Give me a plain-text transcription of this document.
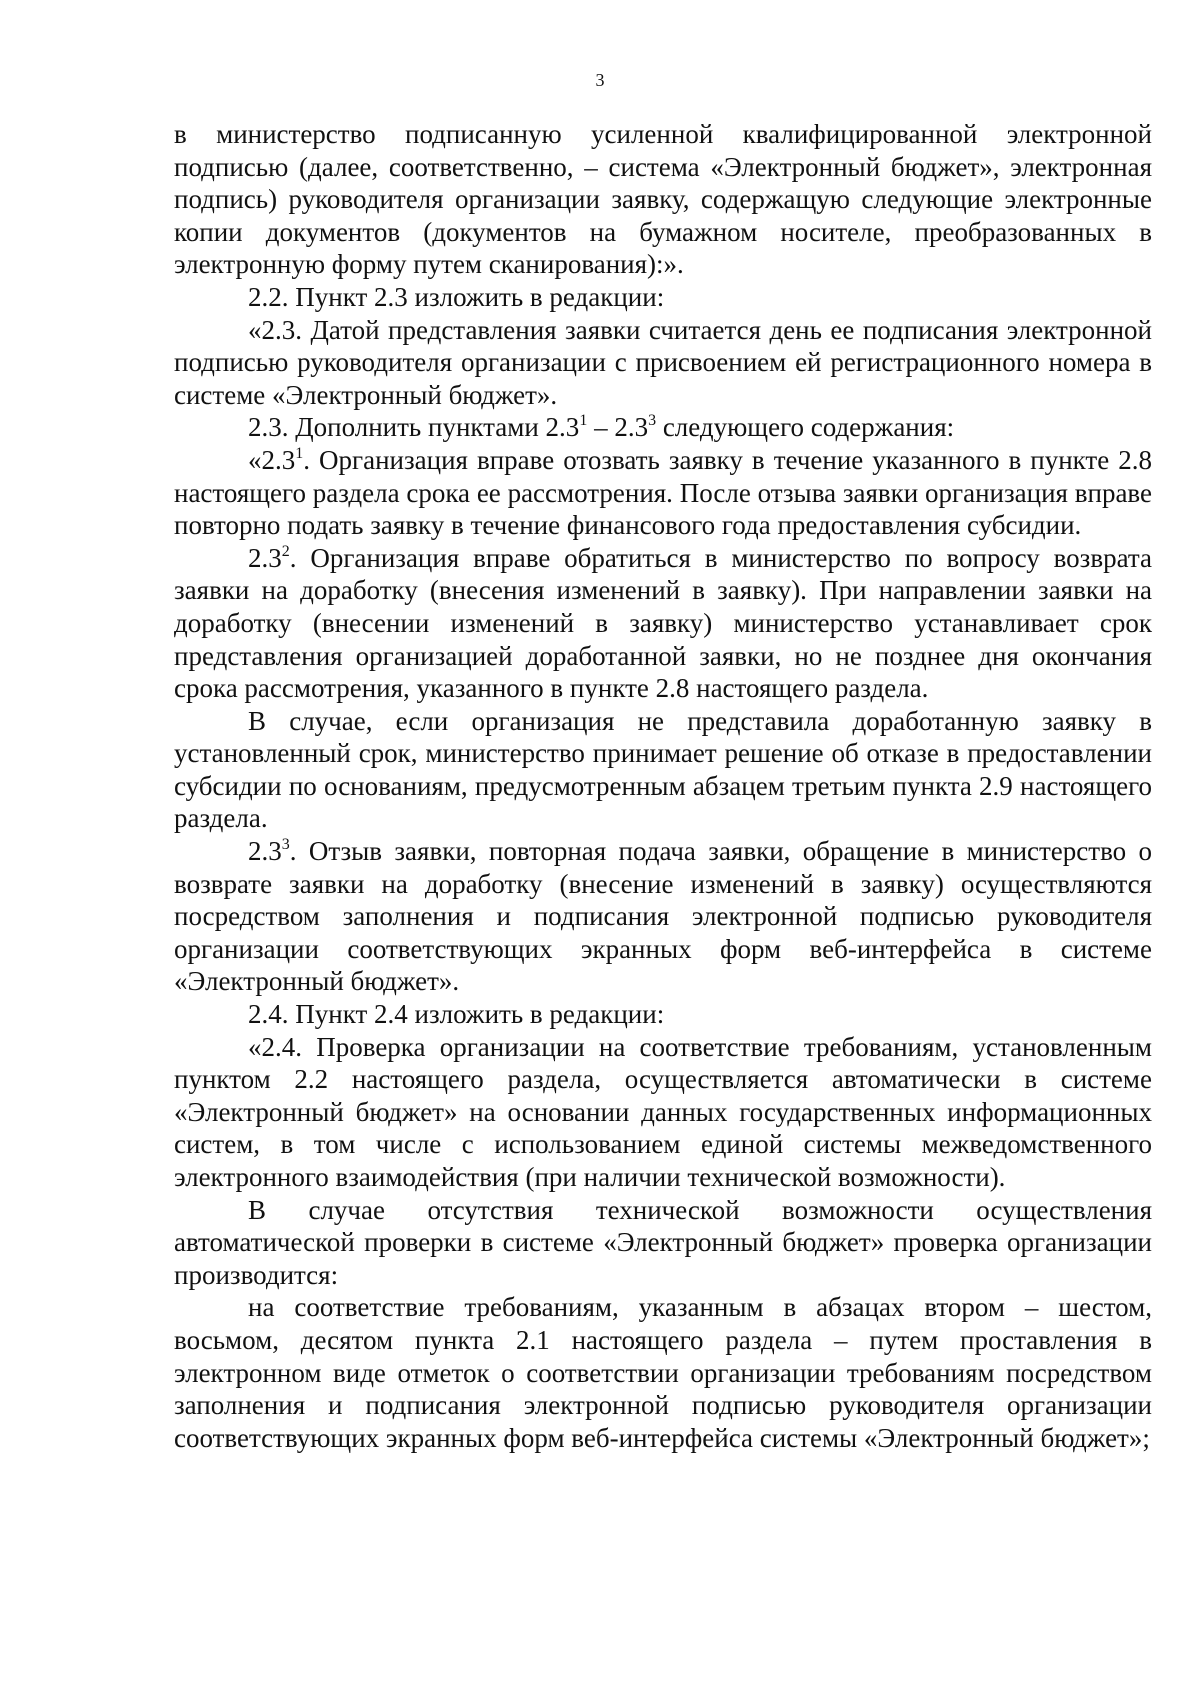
3

в министерство подписанную усиленной квалифицированной электронной подписью (далее, соответственно, – система «Электронный бюджет», электронная подпись) руководителя организации заявку, содержащую следующие электронные копии документов (документов на бумажном носителе, преобразованных в электронную форму путем сканирования):».

2.2. Пункт 2.3 изложить в редакции:

«2.3. Датой представления заявки считается день ее подписания электронной подписью руководителя организации с присвоением ей регистрационного номера в системе «Электронный бюджет».

2.3. Дополнить пунктами $2.3^1 - 2.3^3$ следующего содержания:

«$2.3^1$. Организация вправе отозвать заявку в течение указанного в пункте 2.8 настоящего раздела срока ее рассмотрения. После отзыва заявки организация вправе повторно подать заявку в течение финансового года предоставления субсидии.

$2.3^2$. Организация вправе обратиться в министерство по вопросу возврата заявки на доработку (внесения изменений в заявку). При направлении заявки на доработку (внесении изменений в заявку) министерство устанавливает срок представления организацией доработанной заявки, но не позднее дня окончания срока рассмотрения, указанного в пункте 2.8 настоящего раздела.

В случае, если организация не представила доработанную заявку в установленный срок, министерство принимает решение об отказе в предоставлении субсидии по основаниям, предусмотренным абзацем третьим пункта 2.9 настоящего раздела.

$2.3^3$. Отзыв заявки, повторная подача заявки, обращение в министерство о возврате заявки на доработку (внесение изменений в заявку) осуществляются посредством заполнения и подписания электронной подписью руководителя организации соответствующих экранных форм веб-интерфейса в системе «Электронный бюджет».

2.4. Пункт 2.4 изложить в редакции:

«2.4. Проверка организации на соответствие требованиям, установленным пунктом 2.2 настоящего раздела, осуществляется автоматически в системе «Электронный бюджет» на основании данных государственных информационных систем, в том числе с использованием единой системы межведомственного электронного взаимодействия (при наличии технической возможности).

В случае отсутствия технической возможности осуществления автоматической проверки в системе «Электронный бюджет» проверка организации производится:

на соответствие требованиям, указанным в абзацах втором – шестом, восьмом, десятом пункта 2.1 настоящего раздела – путем проставления в электронном виде отметок о соответствии организации требованиям посредством заполнения и подписания электронной подписью руководителя организации соответствующих экранных форм веб-интерфейса системы «Электронный бюджет»;
